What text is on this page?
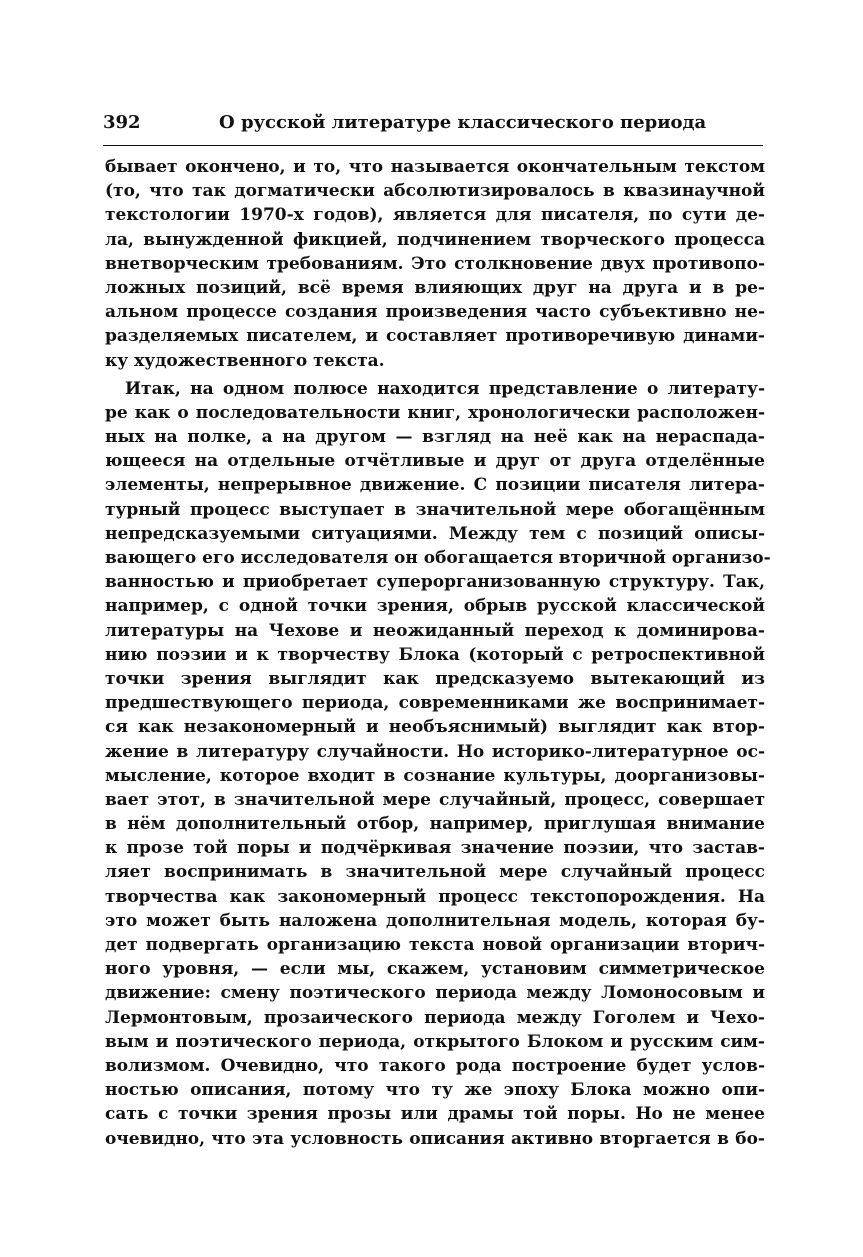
392	О русской литературе классического периода
бывает окончено, и то, что называется окончательным текстом
(то, что так догматически абсолютизировалось в квазинаучной
текстологии 1970-х годов), является для писателя, по сути де-
ла, вынужденной фикцией, подчинением творческого процесса
внетворческим требованиям. Это столкновение двух противопо-
ложных позиций, всё время влияющих друг на друга и в ре-
альном процессе создания произведения часто субъективно не-
разделяемых писателем, и составляет противоречивую динами-
ку художественного текста.
Итак, на одном полюсе находится представление о литерату-
ре как о последовательности книг, хронологически расположен-
ных на полке, а на другом — взгляд на неё как на нераспада-
ющееся на отдельные отчётливые и друг от друга отделённые
элементы, непрерывное движение. С позиции писателя литера-
турный процесс выступает в значительной мере обогащённым
непредсказуемыми ситуациями. Между тем с позиций описы-
вающего его исследователя он обогащается вторичной организо-
ванностью и приобретает суперорганизованную структуру. Так,
например, с одной точки зрения, обрыв русской классической
литературы на Чехове и неожиданный переход к доминирова-
нию поэзии и к творчеству Блока (который с ретроспективной
точки зрения выглядит как предсказуемо вытекающий из
предшествующего периода, современниками же воспринимает-
ся как незакономерный и необъяснимый) выглядит как втор-
жение в литературу случайности. Но историко-литературное ос-
мысление, которое входит в сознание культуры, доорганизовы-
вает этот, в значительной мере случайный, процесс, совершает
в нём дополнительный отбор, например, приглушая внимание
к прозе той поры и подчёркивая значение поэзии, что застав-
ляет воспринимать в значительной мере случайный процесс
творчества как закономерный процесс текстопорождения. На
это может быть наложена дополнительная модель, которая бу-
дет подвергать организацию текста новой организации вторич-
ного уровня, — если мы, скажем, установим симметрическое
движение: смену поэтического периода между Ломоносовым и
Лермонтовым, прозаического периода между Гоголем и Чехо-
вым и поэтического периода, открытого Блоком и русским сим-
волизмом. Очевидно, что такого рода построение будет услов-
ностью описания, потому что ту же эпоху Блока можно опи-
сать с точки зрения прозы или драмы той поры. Но не менее
очевидно, что эта условность описания активно вторгается в бо-
